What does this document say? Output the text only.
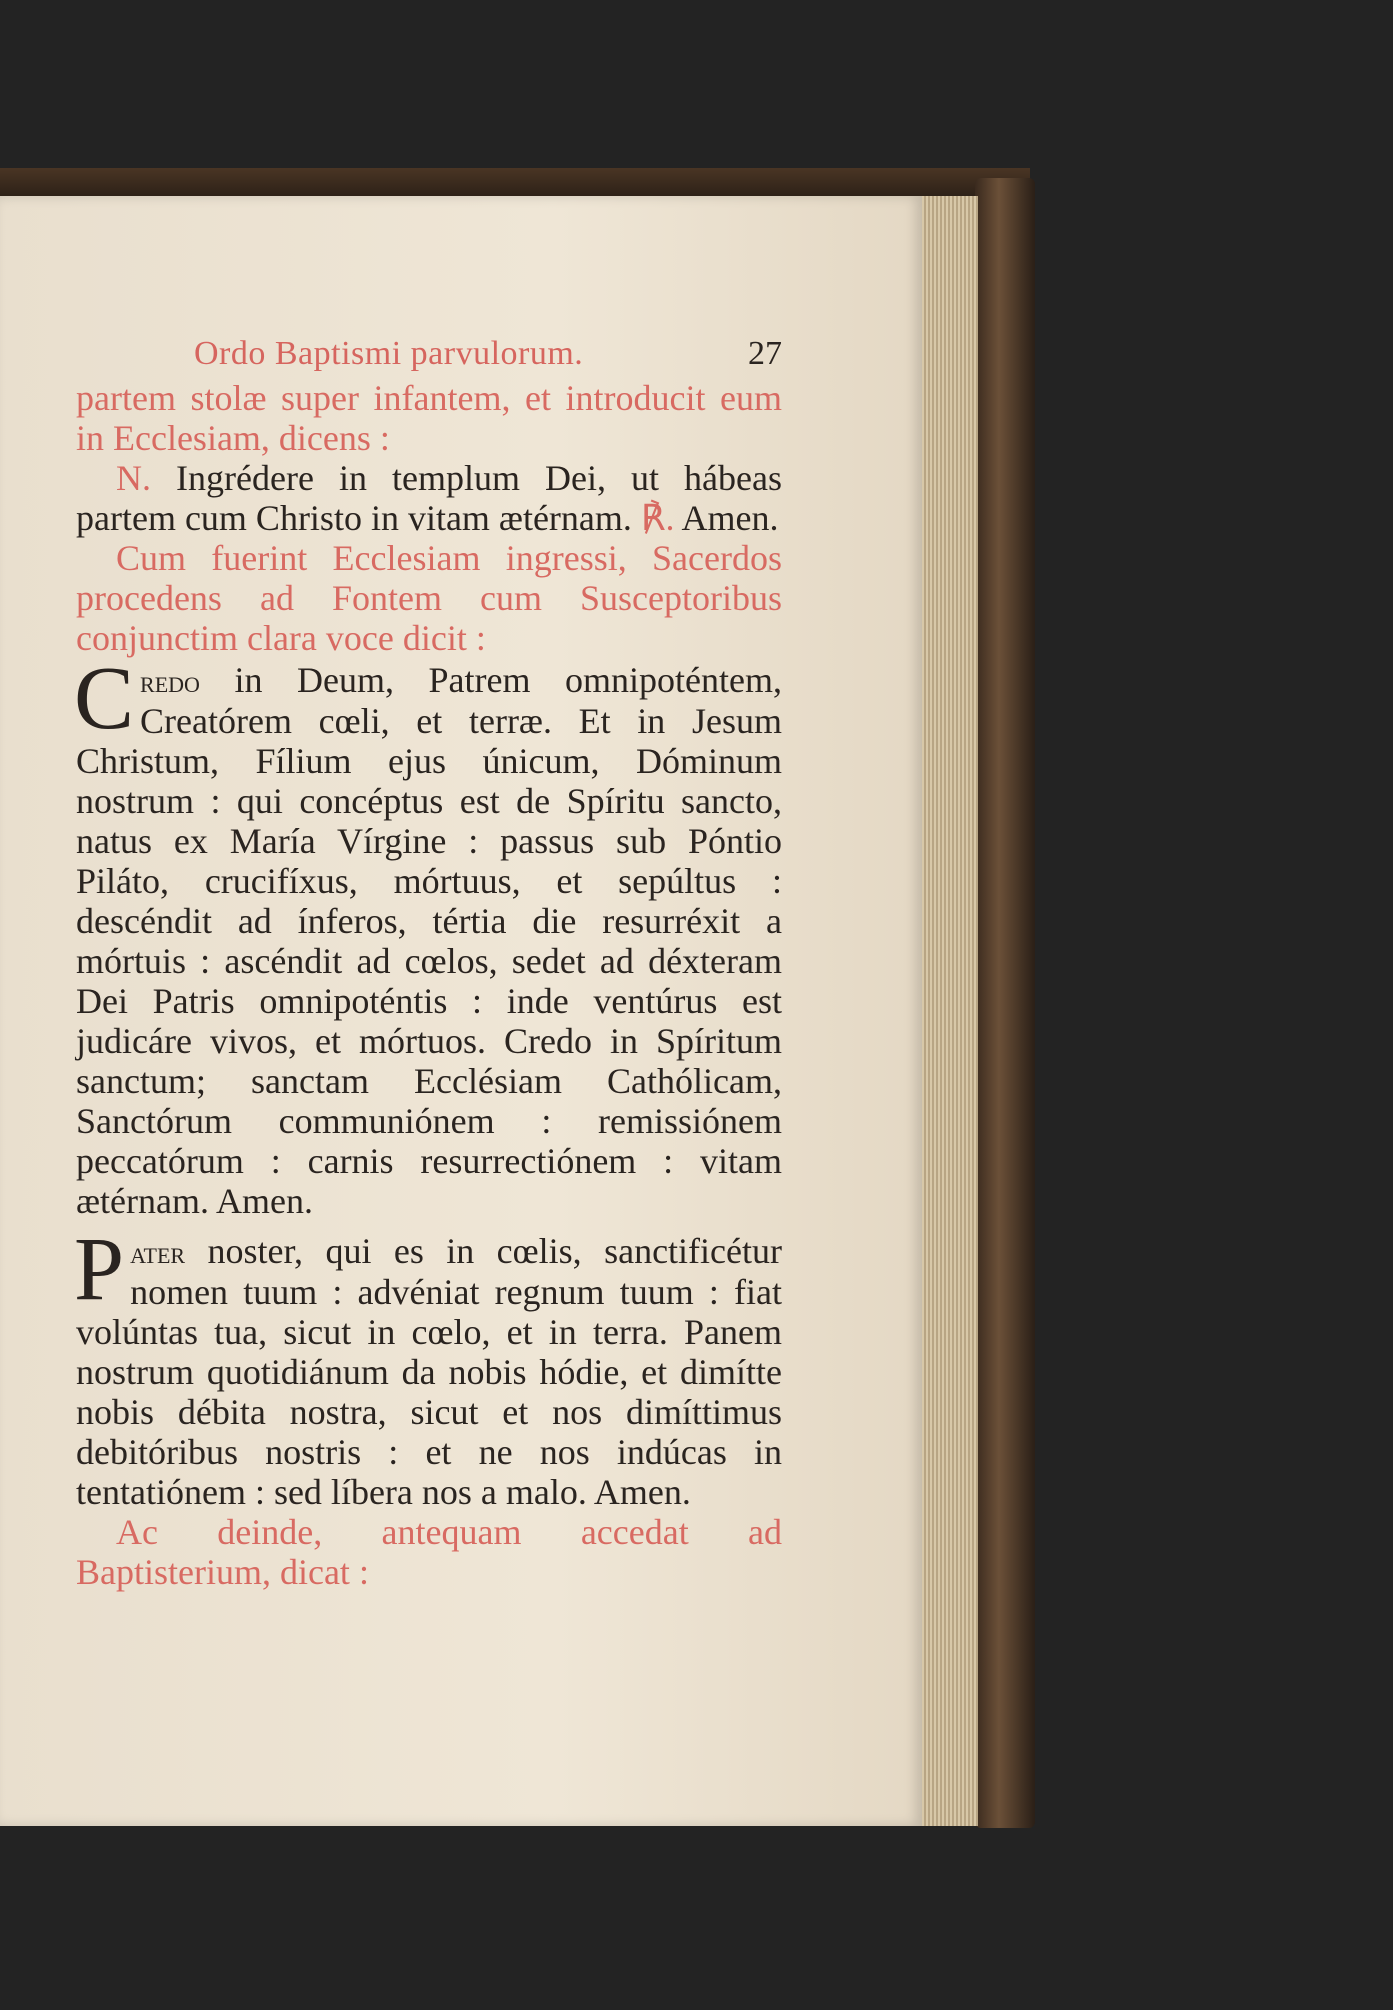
Ordo Baptismi parvulorum.	27

partem stolæ super infantem, et introducit eum in Ecclesiam, dicens :

N. Ingrédere in templum Dei, ut hábeas partem cum Christo in vitam ætérnam. ℟. Amen.

Cum fuerint Ecclesiam ingressi, Sacerdos procedens ad Fontem cum Susceptoribus conjunctim clara voce dicit :

Credo in Deum, Patrem omnipoténtem, Creatórem cœli, et terræ. Et in Jesum Christum, Fílium ejus únicum, Dóminum nostrum : qui concéptus est de Spíritu sancto, natus ex María Vírgine : passus sub Póntio Piláto, crucifíxus, mórtuus, et sepúltus : descéndit ad ínferos, tértia die resurréxit a mórtuis : ascéndit ad cœlos, sedet ad déxteram Dei Patris omnipoténtis : inde ventúrus est judicáre vivos, et mórtuos. Credo in Spíritum sanctum; sanctam Ecclésiam Cathólicam, Sanctórum communiónem : remissiónem peccatórum : carnis resurrectiónem : vitam ætérnam. Amen.

Pater noster, qui es in cœlis, sanctificétur nomen tuum : advéniat regnum tuum : fiat volúntas tua, sicut in cœlo, et in terra. Panem nostrum quotidiánum da nobis hódie, et dimítte nobis débita nostra, sicut et nos dimíttimus debitóribus nostris : et ne nos indúcas in tentatiónem : sed líbera nos a malo. Amen.

Ac deinde, antequam accedat ad Baptisterium, dicat :
